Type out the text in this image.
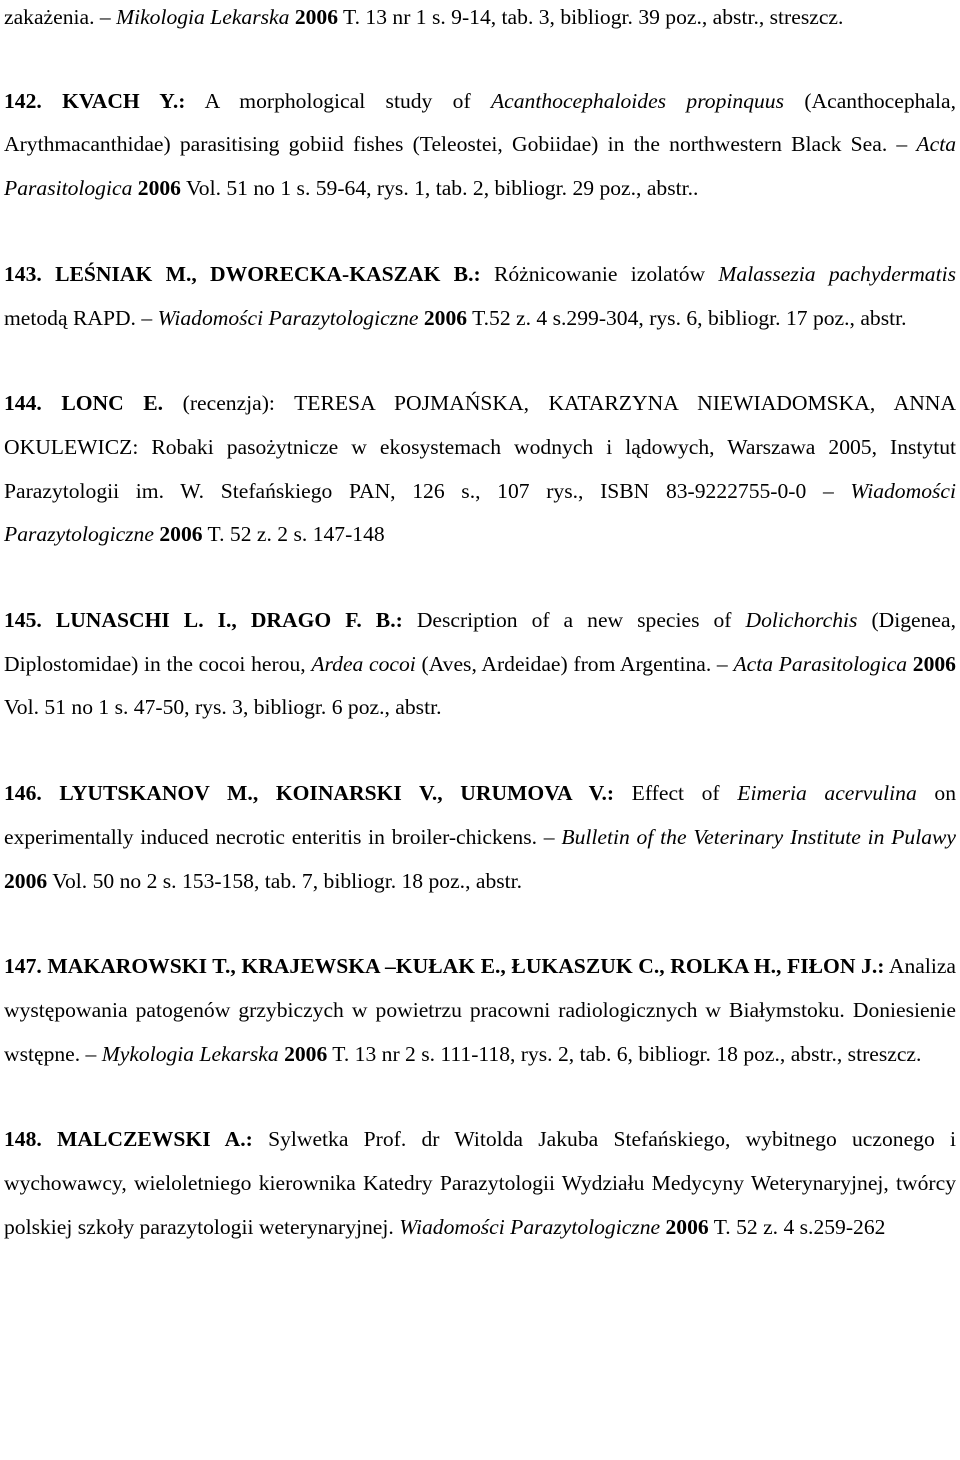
zakażenia. – Mikologia Lekarska 2006 T. 13 nr 1 s. 9-14, tab. 3, bibliogr. 39 poz., abstr., streszcz.

142. KVACH Y.: A morphological study of Acanthocephaloides propinquus (Acanthocephala, Arythmacanthidae) parasitising gobiid fishes (Teleostei, Gobiidae) in the northwestern Black Sea. – Acta Parasitologica 2006 Vol. 51 no 1 s. 59-64, rys. 1, tab. 2, bibliogr. 29 poz., abstr..

143. LEŚNIAK M., DWORECKA-KASZAK B.: Różnicowanie izolatów Malassezia pachydermatis metodą RAPD. – Wiadomości Parazytologiczne 2006 T.52 z. 4 s.299-304, rys. 6, bibliogr. 17 poz., abstr.

144. LONC E. (recenzja): TERESA POJMAŃSKA, KATARZYNA NIEWIADOMSKA, ANNA OKULEWICZ: Robaki pasożytnicze w ekosystemach wodnych i lądowych, Warszawa 2005, Instytut Parazytologii im. W. Stefańskiego PAN, 126 s., 107 rys., ISBN 83-9222755-0-0 – Wiadomości Parazytologiczne 2006 T. 52 z. 2 s. 147-148

145. LUNASCHI L. I., DRAGO F. B.: Description of a new species of Dolichorchis (Digenea, Diplostomidae) in the cocoi herou, Ardea cocoi (Aves, Ardeidae) from Argentina. – Acta Parasitologica 2006 Vol. 51 no 1 s. 47-50, rys. 3, bibliogr. 6 poz., abstr.

146. LYUTSKANOV M., KOINARSKI V., URUMOVA V.: Effect of Eimeria acervulina on experimentally induced necrotic enteritis in broiler-chickens. – Bulletin of the Veterinary Institute in Pulawy 2006 Vol. 50 no 2 s. 153-158, tab. 7, bibliogr. 18 poz., abstr.

147. MAKAROWSKI T., KRAJEWSKA –KUŁAK E., ŁUKASZUK C., ROLKA H., FIŁON J.: Analiza występowania patogenów grzybiczych w powietrzu pracowni radiologicznych w Białymstoku. Doniesienie wstępne. – Mykologia Lekarska 2006 T. 13 nr 2 s. 111-118, rys. 2, tab. 6, bibliogr. 18 poz., abstr., streszcz.

148. MALCZEWSKI A.: Sylwetka Prof. dr Witolda Jakuba Stefańskiego, wybitnego uczonego i wychowawcy, wieloletniego kierownika Katedry Parazytologii Wydziału Medycyny Weterynaryjnej, twórcy polskiej szkoły parazytologii weterynaryjnej. Wiadomości Parazytologiczne 2006 T. 52 z. 4 s.259-262
